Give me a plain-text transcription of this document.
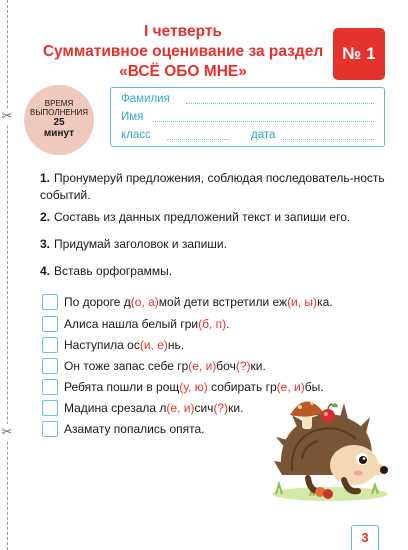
✂
✂
I четверть
Суммативное оценивание за раздел
«ВСЁ ОБО МНЕ»
№ 1
ВРЕМЯ
ВЫПОЛНЕНИЯ
25
минут
Фамилия
Имя
класс	дата
1. Пронумеруй предложения, соблюдая последователь-ность событий.
2. Составь из данных предложений текст и запиши его.
3. Придумай заголовок и запиши.
4. Вставь орфограммы.
По дороге д(о, а)мой дети встретили еж(и, ы)ка.
Алиса нашла белый гри(б, п).
Наступила ос(и, е)нь.
Он тоже запас себе гр(е, и)боч(?)ки.
Ребята пошли в рощ(у, ю) собирать гр(е, и)бы.
Мадина срезала л(е, и)сич(?)ки.
Азамату попались опята.
3
